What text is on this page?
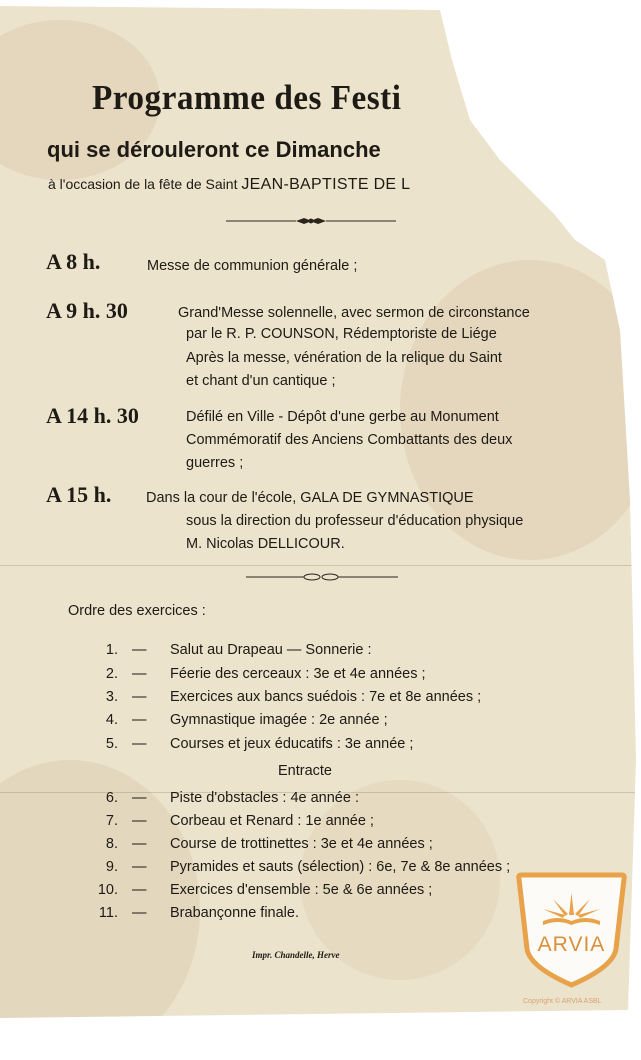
Programme des Festi
qui se dérouleront ce Dimanche
à l'occasion de la fête de Saint JEAN-BAPTISTE DE L
A 8 h.	Messe de communion générale ;
A 9 h. 30	Grand'Messe solennelle, avec sermon de circonstance
par le R. P. COUNSON, Rédemptoriste de Liége
Après la messe, vénération de la relique du Saint
et chant d'un cantique ;
A 14 h. 30	Défilé en Ville - Dépôt d'une gerbe au Monument
Commémoratif des Anciens Combattants des deux
guerres ;
A 15 h. Dans la cour de l'école, GALA DE GYMNASTIQUE
sous la direction du professeur d'éducation physique
M. Nicolas DELLICOUR.
Ordre des exercices :
1. — Salut au Drapeau — Sonnerie :
2. — Féerie des cerceaux : 3e et 4e années ;
3. — Exercices aux bancs suédois : 7e et 8e années ;
4. — Gymnastique imagée : 2e année ;
5. — Courses et jeux éducatifs : 3e année ;
Entracte
6. — Piste d'obstacles : 4e année :
7. — Corbeau et Renard : 1e année ;
8. — Course de trottinettes : 3e et 4e années ;
9. — Pyramides et sauts (sélection) : 6e, 7e & 8e années ;
10. — Exercices d'ensemble : 5e & 6e années ;
11. — Brabançonne finale.
Impr. Chandelle, Herve	ARVIA
Copyright © ARVIA ASBL
